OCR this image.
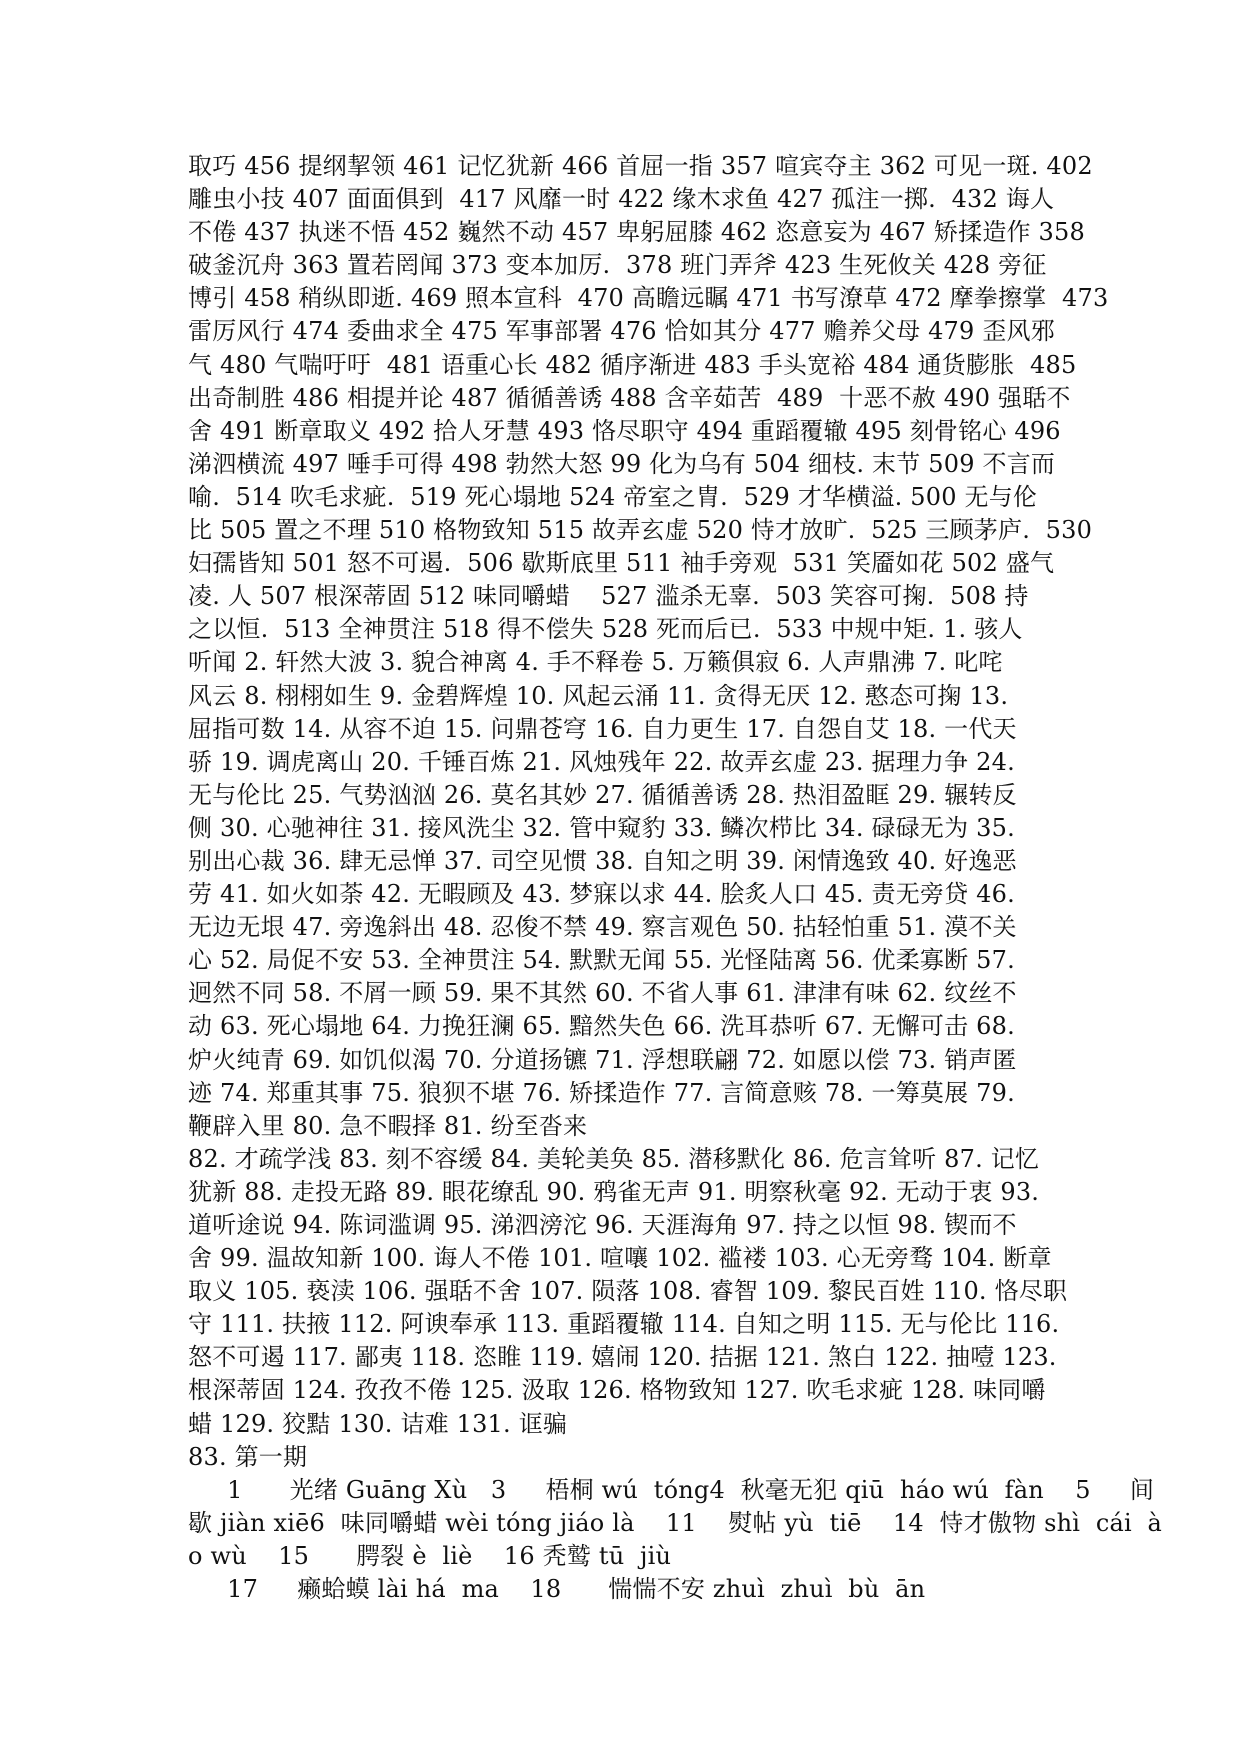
取巧 456 提纲挈领 461 记忆犹新 466 首屈一指 357 喧宾夺主 362 可见一斑. 402
雕虫小技 407 面面俱到  417 风靡一时 422 缘木求鱼 427 孤注一掷.  432 诲人
不倦 437 执迷不悟 452 巍然不动 457 卑躬屈膝 462 恣意妄为 467 矫揉造作 358
破釜沉舟 363 置若罔闻 373 变本加厉.  378 班门弄斧 423 生死攸关 428 旁征
博引 458 稍纵即逝. 469 照本宣科  470 高瞻远瞩 471 书写潦草 472 摩拳擦掌  473
雷厉风行 474 委曲求全 475 军事部署 476 恰如其分 477 赡养父母 479 歪风邪
气 480 气喘吁吁  481 语重心长 482 循序渐进 483 手头宽裕 484 通货膨胀  485
出奇制胜 486 相提并论 487 循循善诱 488 含辛茹苦  489  十恶不赦 490 强聒不
舍 491 断章取义 492 拾人牙慧 493 恪尽职守 494 重蹈覆辙 495 刻骨铭心 496
涕泗横流 497 唾手可得 498 勃然大怒 99 化为乌有 504 细枝. 末节 509 不言而
喻.  514 吹毛求疵.  519 死心塌地 524 帝室之胄.  529 才华横溢. 500 无与伦
比 505 置之不理 510 格物致知 515 故弄玄虚 520 恃才放旷.  525 三顾茅庐.  530
妇孺皆知 501 怒不可遏.  506 歇斯底里 511 袖手旁观  531 笑靥如花 502 盛气
凌. 人 507 根深蒂固 512 味同嚼蜡    527 滥杀无辜.  503 笑容可掬.  508 持
之以恒.  513 全神贯注 518 得不偿失 528 死而后已.  533 中规中矩. 1. 骇人
听闻 2. 轩然大波 3. 貌合神离 4. 手不释卷 5. 万籁俱寂 6. 人声鼎沸 7. 叱咤
风云 8. 栩栩如生 9. 金碧辉煌 10. 风起云涌 11. 贪得无厌 12. 憨态可掬 13.
屈指可数 14. 从容不迫 15. 问鼎苍穹 16. 自力更生 17. 自怨自艾 18. 一代天
骄 19. 调虎离山 20. 千锤百炼 21. 风烛残年 22. 故弄玄虚 23. 据理力争 24.
无与伦比 25. 气势汹汹 26. 莫名其妙 27. 循循善诱 28. 热泪盈眶 29. 辗转反
侧 30. 心驰神往 31. 接风洗尘 32. 管中窥豹 33. 鳞次栉比 34. 碌碌无为 35.
别出心裁 36. 肆无忌惮 37. 司空见惯 38. 自知之明 39. 闲情逸致 40. 好逸恶
劳 41. 如火如荼 42. 无暇顾及 43. 梦寐以求 44. 脍炙人口 45. 责无旁贷 46.
无边无垠 47. 旁逸斜出 48. 忍俊不禁 49. 察言观色 50. 拈轻怕重 51. 漠不关
心 52. 局促不安 53. 全神贯注 54. 默默无闻 55. 光怪陆离 56. 优柔寡断 57.
迥然不同 58. 不屑一顾 59. 果不其然 60. 不省人事 61. 津津有味 62. 纹丝不
动 63. 死心塌地 64. 力挽狂澜 65. 黯然失色 66. 洗耳恭听 67. 无懈可击 68.
炉火纯青 69. 如饥似渴 70. 分道扬镳 71. 浮想联翩 72. 如愿以偿 73. 销声匿
迹 74. 郑重其事 75. 狼狈不堪 76. 矫揉造作 77. 言简意赅 78. 一筹莫展 79.
鞭辟入里 80. 急不暇择 81. 纷至沓来
82. 才疏学浅 83. 刻不容缓 84. 美轮美奂 85. 潜移默化 86. 危言耸听 87. 记忆
犹新 88. 走投无路 89. 眼花缭乱 90. 鸦雀无声 91. 明察秋毫 92. 无动于衷 93.
道听途说 94. 陈词滥调 95. 涕泗滂沱 96. 天涯海角 97. 持之以恒 98. 锲而不
舍 99. 温故知新 100. 诲人不倦 101. 喧嚷 102. 褴褛 103. 心无旁骛 104. 断章
取义 105. 亵渎 106. 强聒不舍 107. 陨落 108. 睿智 109. 黎民百姓 110. 恪尽职
守 111. 扶掖 112. 阿谀奉承 113. 重蹈覆辙 114. 自知之明 115. 无与伦比 116.
怒不可遏 117. 鄙夷 118. 恣睢 119. 嬉闹 120. 拮据 121. 煞白 122. 抽噎 123.
根深蒂固 124. 孜孜不倦 125. 汲取 126. 格物致知 127. 吹毛求疵 128. 味同嚼
蜡 129. 狡黠 130. 诘难 131. 诓骗
83. 第一期
1      光绪 Guāng Xù   3     梧桐 wú  tóng4  秋毫无犯 qiū  háo wú  fàn    5     间
歇 jiàn xiē6  味同嚼蜡 wèi tóng jiáo là    11    熨帖 yù  tiē    14  恃才傲物 shì  cái  à
o wù    15      腭裂 è  liè    16 秃鹫 tū  jiù
17     癞蛤蟆 lài há  ma    18      惴惴不安 zhuì  zhuì  bù  ān
